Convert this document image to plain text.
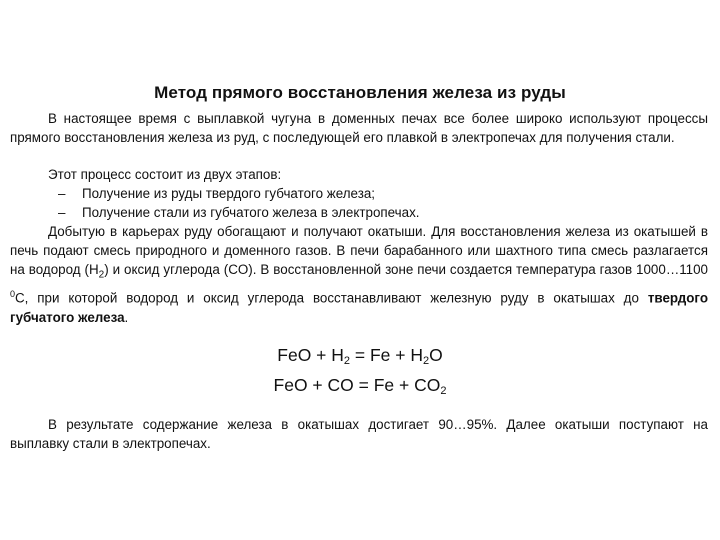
Метод прямого восстановления железа из руды
В настоящее время с выплавкой чугуна в доменных печах все более широко используют процессы прямого восстановления железа из руд, с последующей его плавкой в электропечах для получения стали.
Этот процесс состоит из двух этапов:
– Получение из руды твердого губчатого железа;
– Получение стали из губчатого железа в электропечах.
Добытую в карьерах руду обогащают и получают окатыши. Для восстановления железа из окатышей в печь подают смесь природного и доменного газов. В печи барабанного или шахтного типа смесь разлагается на водород $(H_2)$ и оксид углерода (CO). В восстановленной зоне печи создается температура газов 1000…1100 $^0$C, при которой водород и оксид углерода восстанавливают железную руду в окатышах до твердого губчатого железа.
FeO + $H_2 = Fe + H_2O$
FeO + CO = $Fe + CO_2$
В результате содержание железа в окатышах достигает 90…95%. Далее окатыши поступают на выплавку стали в электропечах.
